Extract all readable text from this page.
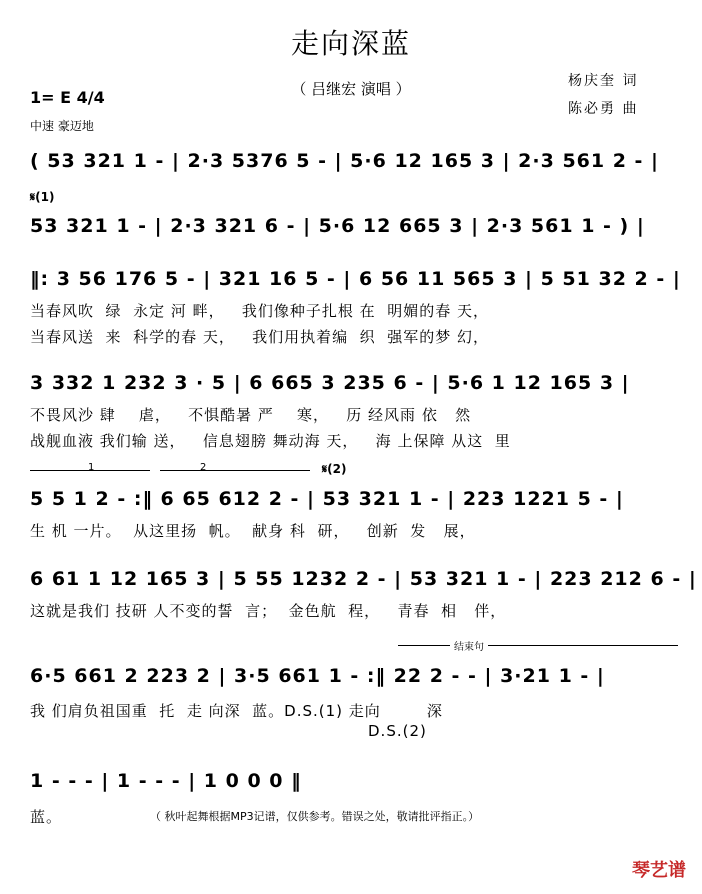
走向深蓝
（ 吕继宏 演唱 ）
1= E 4/4
中速 豪迈地
杨庆奎 词
陈必勇 曲
( 53 321 1 - | 2·3 5376 5 - | 5·6 12 165 3 | 2·3 561 2 - |
𝄋(1)
53 321 1 - | 2·3 321 6 - | 5·6 12 665 3 | 2·3 561 1 - ) |
‖: 3 56 176 5 - | 321 16 5 - | 6 56 11 565 3 | 5 51 32 2 - |
当春风吹  绿  永定 河 畔，   我们像种子扎根 在  明媚的春 天，
当春风送  来  科学的春 天，   我们用执着编  织  强军的梦 幻，
3 332 1 232 3 · 5 | 6 665 3 235 6 - | 5·6 1 12 165 3 |
不畏风沙 肆    虐，   不惧酷暑 严    寒，   历 经风雨 依   然
战舰血液 我们输 送，   信息翅膀 舞动海 天，   海 上保障 从这  里
1	2	𝄋(2)
5 5 1 2 - :‖ 6 65 612 2 - | 53 321 1 - | 223 1221 5 - |
生 机 一片。  从这里扬  帆。  献身 科  研，   创新  发   展，
6 61 1 12 165 3 | 5 55 1232 2 - | 53 321 1 - | 223 212 6 - |
这就是我们 技研 人不变的誓  言；  金色航  程，   青春  相   伴，
结束句
6·5 661 2 223 2 | 3·5 661 1 - :‖ 22 2 - - | 3·21 1 - |
我 们肩负祖国重  托  走 向深  蓝。D.S.(1) 走向        深
D.S.(2)
1 - - - | 1 - - - | 1 0 0 0 ‖
蓝。	（ 秋叶起舞根据MP3记谱，仅供参考。错误之处，敬请批评指正。）
琴艺谱
